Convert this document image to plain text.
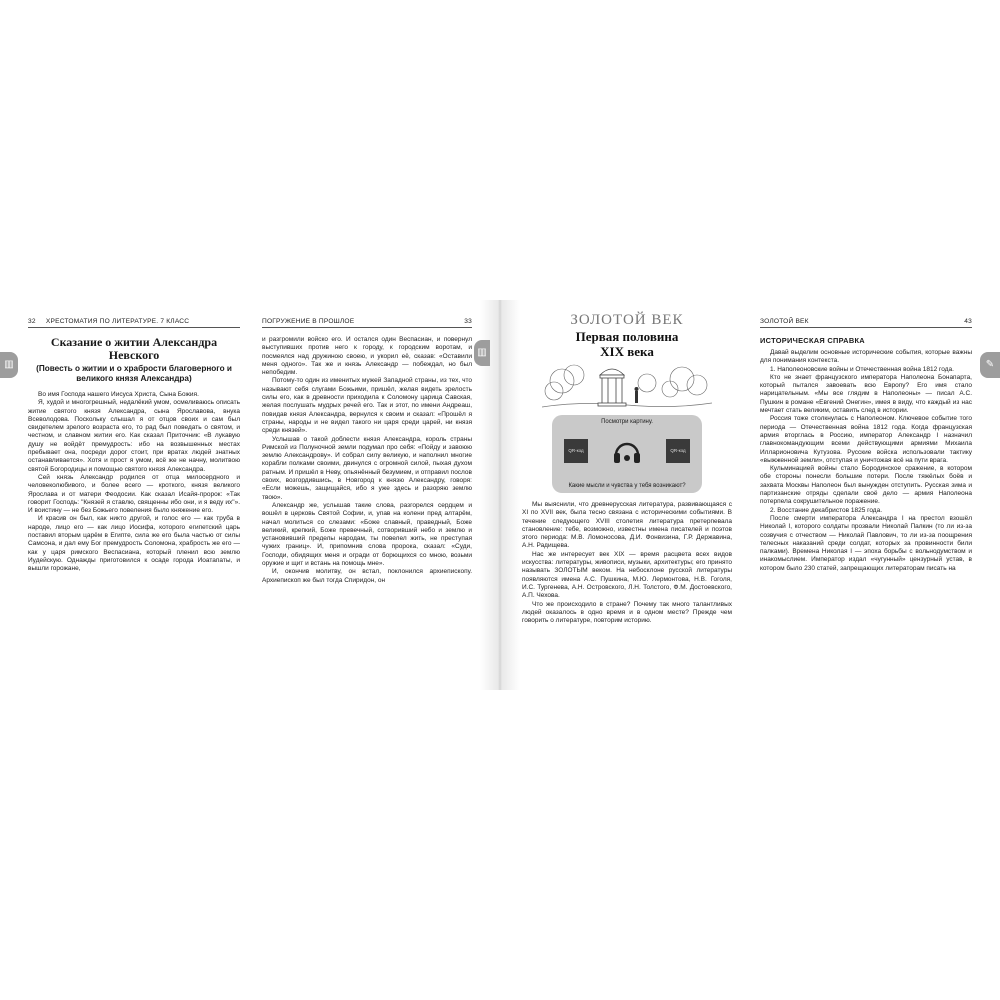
▥
▥
✎
32 ХРЕСТОМАТИЯ ПО ЛИТЕРАТУРЕ. 7 КЛАСС
Сказание о житии Александра Невского
(Повесть о житии и о храбрости благоверного и великого князя Александра)

Во имя Господа нашего Иисуса Христа, Сына Божия.

Я, худой и многогрешный, недалёкий умом, осмеливаюсь описать житие святого князя Александра, сына Ярославова, внука Всеволодова. Поскольку слышал я от отцов своих и сам был свидетелем зрелого возраста его, то рад был поведать о святом, и честном, и славном житии его. Как сказал Приточник: «В лукавую душу не войдёт премудрость: ибо на возвышенных местах пребывает она, посреди дорог стоит, при вратах людей знатных останавливается». Хотя и прост я умом, всё же не начну, молитвою святой Богородицы и помощью святого князя Александра.

Сей князь Александр родился от отца милосердного и человеколюбивого, и более всего — кроткого, князя великого Ярослава и от матери Феодосии. Как сказал Исайя-пророк: «Так говорит Господь: "Князей я ставлю, священны ибо они, и я веду их"». И воистину — не без Божьего повеления было княжение его.

И красив он был, как никто другой, и голос его — как труба в народе, лицо его — как лицо Иосифа, которого египетский царь поставил вторым царём в Египте, сила же его была частью от силы Самсона, и дал ему Бог премудрость Соломона, храбрость же его — как у царя римского Веспасиана, который пленил всю землю Иудейскую. Однажды приготовился к осаде города Иоатапаты, и вышли горожане,

ПОГРУЖЕНИЕ В ПРОШЛОЕ	33

и разгромили войско его. И остался один Веспасиан, и повернул выступивших против него к городу, к городским воротам, и посмеялся над дружиною своею, и укорил её, сказав: «Оставили меня одного». Так же и князь Александр — побеждал, но был непобедим.

Потому-то один из именитых мужей Западной страны, из тех, что называют себя слугами Божьими, пришёл, желая видеть зрелость силы его, как в древности приходила к Соломону царица Савская, желая послушать мудрых речей его. Так и этот, по имени Андреаш, повидав князя Александра, вернулся к своим и сказал: «Прошёл я страны, народы и не видел такого ни царя среди царей, ни князя среди князей».

Услышав о такой доблести князя Александра, король страны Римской из Полуночной земли подумал про себя: «Пойду и завоюю землю Александрову». И собрал силу великую, и наполнил многие корабли полками своими, двинулся с огромной силой, пыхая духом ратным. И пришёл в Неву, опьянённый безумием, и отправил послов своих, возгордившись, в Новгород к князю Александру, говоря: «Если можешь, защищайся, ибо я уже здесь и разоряю землю твою».

Александр же, услышав такие слова, разгорелся сердцем и вошёл в церковь Святой Софии, и, упав на колени пред алтарём, начал молиться со слезами: «Боже славный, праведный, Боже великий, крепкий, Боже превечный, сотворивший небо и землю и установивший пределы народам, ты повелел жить, не преступая чужих границ». И, припомнив слова пророка, сказал: «Суди, Господи, обидящих меня и огради от борющихся со мною, возьми оружие и щит и встань на помощь мне».

И, окончив молитву, он встал, поклонился архиепископу. Архиепископ же был тогда Спиридон, он

ЗОЛОТОЙ ВЕК
Первая половина
XIX века
Посмотри картину.
QR-код	QR-код
Какие мысли и чувства у тебя возникают?

Мы выяснили, что древнерусская литература, развивающаяся с XI по XVII век, была тесно связана с историческими событиями. В течение следующего XVIII столетия литература претерпевала становление: тебе, возможно, известны имена писателей и поэтов этого периода: М.В. Ломоносова, Д.И. Фонвизина, Г.Р. Державина, А.Н. Радищева.

Нас же интересует век XIX — время расцвета всех видов искусства: литературы, живописи, музыки, архитектуры; его принято называть ЗОЛОТЫМ веком. На небосклоне русской литературы появляются имена А.С. Пушкина, М.Ю. Лермонтова, Н.В. Гоголя, И.С. Тургенева, А.Н. Островского, Л.Н. Толстого, Ф.М. Достоевского, А.П. Чехова.

Что же происходило в стране? Почему так много талантливых людей оказалось в одно время и в одном месте? Прежде чем говорить о литературе, повторим историю.

ЗОЛОТОЙ ВЕК	43
ИСТОРИЧЕСКАЯ СПРАВКА

Давай выделим основные исторические события, которые важны для понимания контекста.

1. Наполеоновские войны и Отечественная война 1812 года.

Кто не знает французского императора Наполеона Бонапарта, который пытался завоевать всю Европу? Его имя стало нарицательным. «Мы все глядим в Наполеоны» — писал А.С. Пушкин в романе «Евгений Онегин», имея в виду, что каждый из нас мечтает стать великим, оставить след в истории.

Россия тоже столкнулась с Наполеоном. Ключевое событие того периода — Отечественная война 1812 года. Когда французская армия вторглась в Россию, император Александр I назначил главнокомандующим всеми действующими армиями Михаила Илларионовича Кутузова. Русские войска использовали тактику «выжженной земли», отступая и уничтожая всё на пути врага.

Кульминацией войны стало Бородинское сражение, в котором обе стороны понесли большие потери. После тяжёлых боёв и захвата Москвы Наполеон был вынужден отступить. Русская зима и партизанские отряды сделали своё дело — армия Наполеона потерпела сокрушительное поражение.

2. Восстание декабристов 1825 года.

После смерти императора Александра I на престол взошёл Николай I, которого солдаты прозвали Николай Палкин (то ли из-за созвучия с отчеством — Николай Павлович, то ли из-за поощрения телесных наказаний среди солдат, которых за провинности били палками). Времена Николая I — эпоха борьбы с вольнодумством и инакомыслием. Император издал «чугунный» цензурный устав, в котором было 230 статей, запрещающих литераторам писать на
